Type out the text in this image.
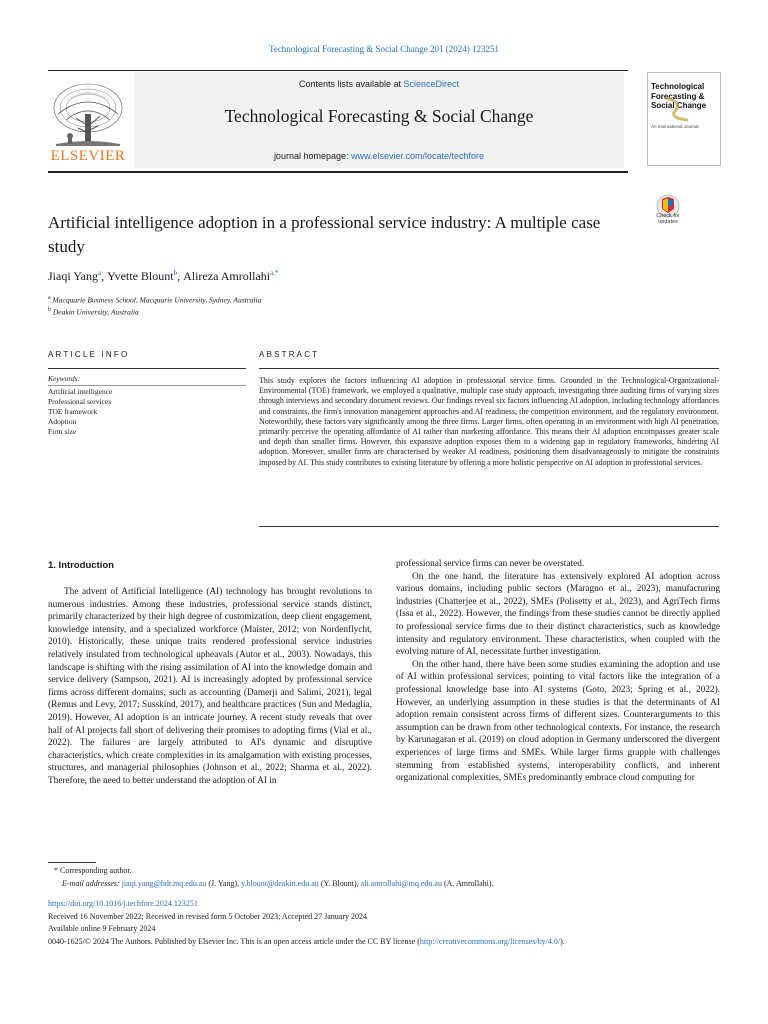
Technological Forecasting & Social Change 201 (2024) 123251
ELSEVIER
Contents lists available at ScienceDirect
Technological Forecasting & Social Change
journal homepage: www.elsevier.com/locate/techfore
Technological Forecasting & Social Change
An International Journal
Check for updates
Artificial intelligence adoption in a professional service industry: A multiple case study
Jiaqi Yang$^a$, Yvette Blount$^b$, Alireza Amrollahi$^{a,*}$
$^a$ Macquarie Business School, Macquarie University, Sydney, Australia
$^b$ Deakin University, Australia
ARTICLE INFO	ABSTRACT
Keywords:
Artificial intelligence
Professional services
TOE framework
Adoption
Firm size
This study explores the factors influencing AI adoption in professional service firms. Grounded in the Technological-Organizational-Environmental (TOE) framework, we employed a qualitative, multiple case study approach, investigating three auditing firms of varying sizes through interviews and secondary document reviews. Our findings reveal six factors influencing AI adoption, including technology affordances and constraints, the firm's innovation management approaches and AI readiness, the competition environment, and the regulatory environment. Noteworthily, these factors vary significantly among the three firms. Larger firms, often operating in an environment with high AI penetration, primarily perceive the operating affordance of AI rather than marketing affordance. This means their AI adoption encompasses greater scale and depth than smaller firms. However, this expansive adoption exposes them to a widening gap in regulatory frameworks, hindering AI adoption. Moreover, smaller firms are characterised by weaker AI readiness, positioning them disadvantageously to mitigate the constraints imposed by AI. This study contributes to existing literature by offering a more holistic perspective on AI adoption in professional services.
1. Introduction

The advent of Artificial Intelligence (AI) technology has brought revolutions to numerous industries. Among these industries, professional service stands distinct, primarily characterized by their high degree of customization, deep client engagement, knowledge intensity, and a specialized workforce (Maister, 2012; von Nordenflycht, 2010). Historically, these unique traits rendered professional service industries relatively insulated from technological upheavals (Autor et al., 2003). Nowadays, this landscape is shifting with the rising assimilation of AI into the knowledge domain and service delivery (Sampson, 2021). AI is increasingly adopted by professional service firms across different domains, such as accounting (Damerji and Salimi, 2021), legal (Remus and Levy, 2017; Susskind, 2017), and healthcare practices (Sun and Medaglia, 2019). However, AI adoption is an intricate journey. A recent study reveals that over half of AI projects fall short of delivering their promises to adopting firms (Vial et al., 2022). The failures are largely attributed to AI's dynamic and disruptive characteristics, which create complexities in its amalgamation with existing processes, structures, and managerial philosophies (Johnson et al., 2022; Sharma et al., 2022). Therefore, the need to better understand the adoption of AI in

professional service firms can never be overstated.

On the one hand, the literature has extensively explored AI adoption across various domains, including public sectors (Maragno et al., 2023), manufacturing industries (Chatterjee et al., 2022), SMEs (Polisetty et al., 2023), and AgriTech firms (Issa et al., 2022). However, the findings from these studies cannot be directly applied to professional service firms due to their distinct characteristics, such as knowledge intensity and regulatory environment. These characteristics, when coupled with the evolving nature of AI, necessitate further investigation.

On the other hand, there have been some studies examining the adoption and use of AI within professional services, pointing to vital factors like the integration of a professional knowledge base into AI systems (Goto, 2023; Spring et al., 2022). However, an underlying assumption in these studies is that the determinants of AI adoption remain consistent across firms of different sizes. Counterarguments to this assumption can be drawn from other technological contexts. For instance, the research by Karunagaran et al. (2019) on cloud adoption in Germany underscored the divergent experiences of large firms and SMEs. While larger firms grapple with challenges stemming from established systems, interoperability conflicts, and inherent organizational complexities, SMEs predominantly embrace cloud computing for

* Corresponding author.
E-mail addresses: jiaqi.yang@hdr.mq.edu.au (J. Yang), y.blount@deakin.edu.au (Y. Blount), ali.amrollahi@mq.edu.au (A. Amrollahi).
https://doi.org/10.1016/j.techfore.2024.123251
Received 16 November 2022; Received in revised form 5 October 2023; Accepted 27 January 2024
Available online 9 February 2024
0040-1625/© 2024 The Authors. Published by Elsevier Inc. This is an open access article under the CC BY license (http://creativecommons.org/licenses/by/4.0/).
